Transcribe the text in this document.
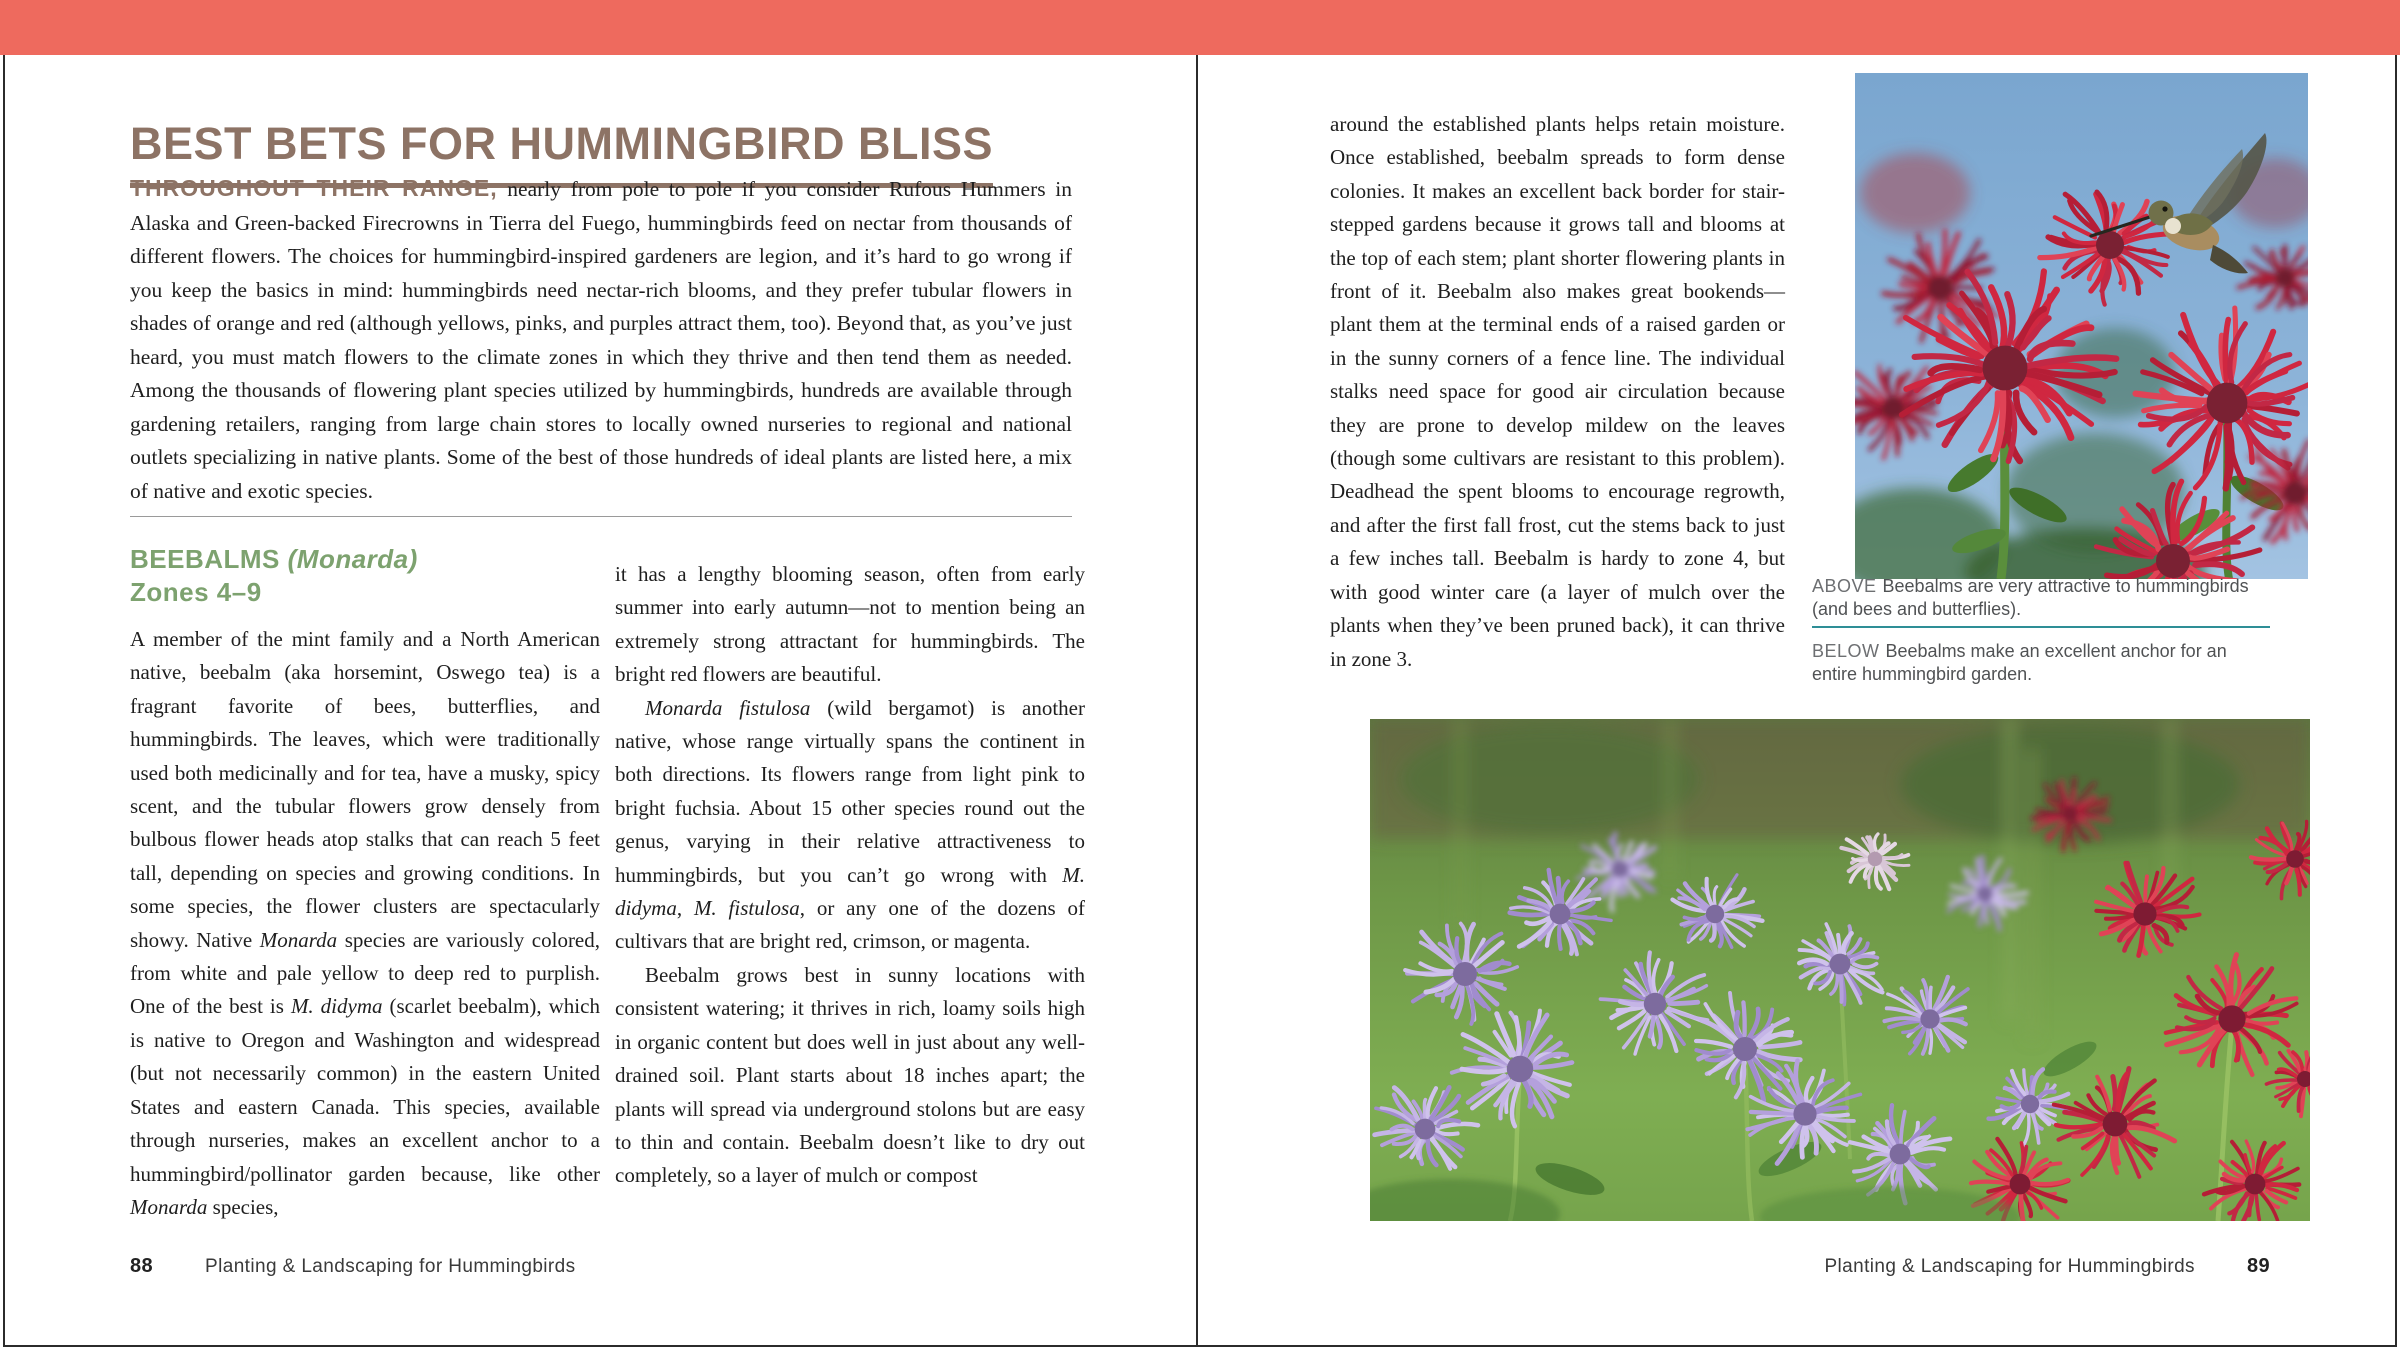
BEST BETS FOR HUMMINGBIRD BLISS

THROUGHOUT THEIR RANGE, nearly from pole to pole if you consider Rufous Hummers in Alaska and Green-backed Firecrowns in Tierra del Fuego, hummingbirds feed on nectar from thousands of different flowers. The choices for hummingbird-inspired gardeners are legion, and it’s hard to go wrong if you keep the basics in mind: hummingbirds need nectar-rich blooms, and they prefer tubular flowers in shades of orange and red (although yellows, pinks, and purples attract them, too). Beyond that, as you’ve just heard, you must match flowers to the climate zones in which they thrive and then tend them as needed. Among the thousands of flowering plant species utilized by hummingbirds, hundreds are available through gardening retailers, ranging from large chain stores to locally owned nurseries to regional and national outlets specializing in native plants. Some of the best of those hundreds of ideal plants are listed here, a mix of native and exotic species.

BEEBALMS (Monarda)
Zones 4–9

A member of the mint family and a North American native, beebalm (aka horsemint, Oswego tea) is a fragrant favorite of bees, butterflies, and hummingbirds. The leaves, which were traditionally used both medicinally and for tea, have a musky, spicy scent, and the tubular flowers grow densely from bulbous flower heads atop stalks that can reach 5 feet tall, depending on species and growing conditions. In some species, the flower clusters are spectacularly showy. Native Monarda species are variously colored, from white and pale yellow to deep red to purplish. One of the best is M. didyma (scarlet beebalm), which is native to Oregon and Washington and widespread (but not necessarily common) in the eastern United States and eastern Canada. This species, available through nurseries, makes an excellent anchor to a hummingbird/pollinator garden because, like other Monarda species,

it has a lengthy blooming season, often from early summer into early autumn—not to mention being an extremely strong attractant for hummingbirds. The bright red flowers are beautiful.

Monarda fistulosa (wild bergamot) is another native, whose range virtually spans the continent in both directions. Its flowers range from light pink to bright fuchsia. About 15 other species round out the genus, varying in their relative attractiveness to hummingbirds, but you can’t go wrong with M. didyma, M. fistulosa, or any one of the dozens of cultivars that are bright red, crimson, or magenta.

Beebalm grows best in sunny locations with consistent watering; it thrives in rich, loamy soils high in organic content but does well in just about any well-drained soil. Plant starts about 18 inches apart; the plants will spread via underground stolons but are easy to thin and contain. Beebalm doesn’t like to dry out completely, so a layer of mulch or compost

88	Planting & Landscaping for Hummingbirds

around the established plants helps retain moisture. Once established, beebalm spreads to form dense colonies. It makes an excellent back border for stair-stepped gardens because it grows tall and blooms at the top of each stem; plant shorter flowering plants in front of it. Beebalm also makes great bookends—plant them at the terminal ends of a raised garden or in the sunny corners of a fence line. The individual stalks need space for good air circulation because they are prone to develop mildew on the leaves (though some cultivars are resistant to this problem). Deadhead the spent blooms to encourage regrowth, and after the first fall frost, cut the stems back to just a few inches tall. Beebalm is hardy to zone 4, but with good winter care (a layer of mulch over the plants when they’ve been pruned back), it can thrive in zone 3.

ABOVE Beebalms are very attractive to hummingbirds (and bees and butterflies).

BELOW Beebalms make an excellent anchor for an entire hummingbird garden.

Planting & Landscaping for Hummingbirds	89
